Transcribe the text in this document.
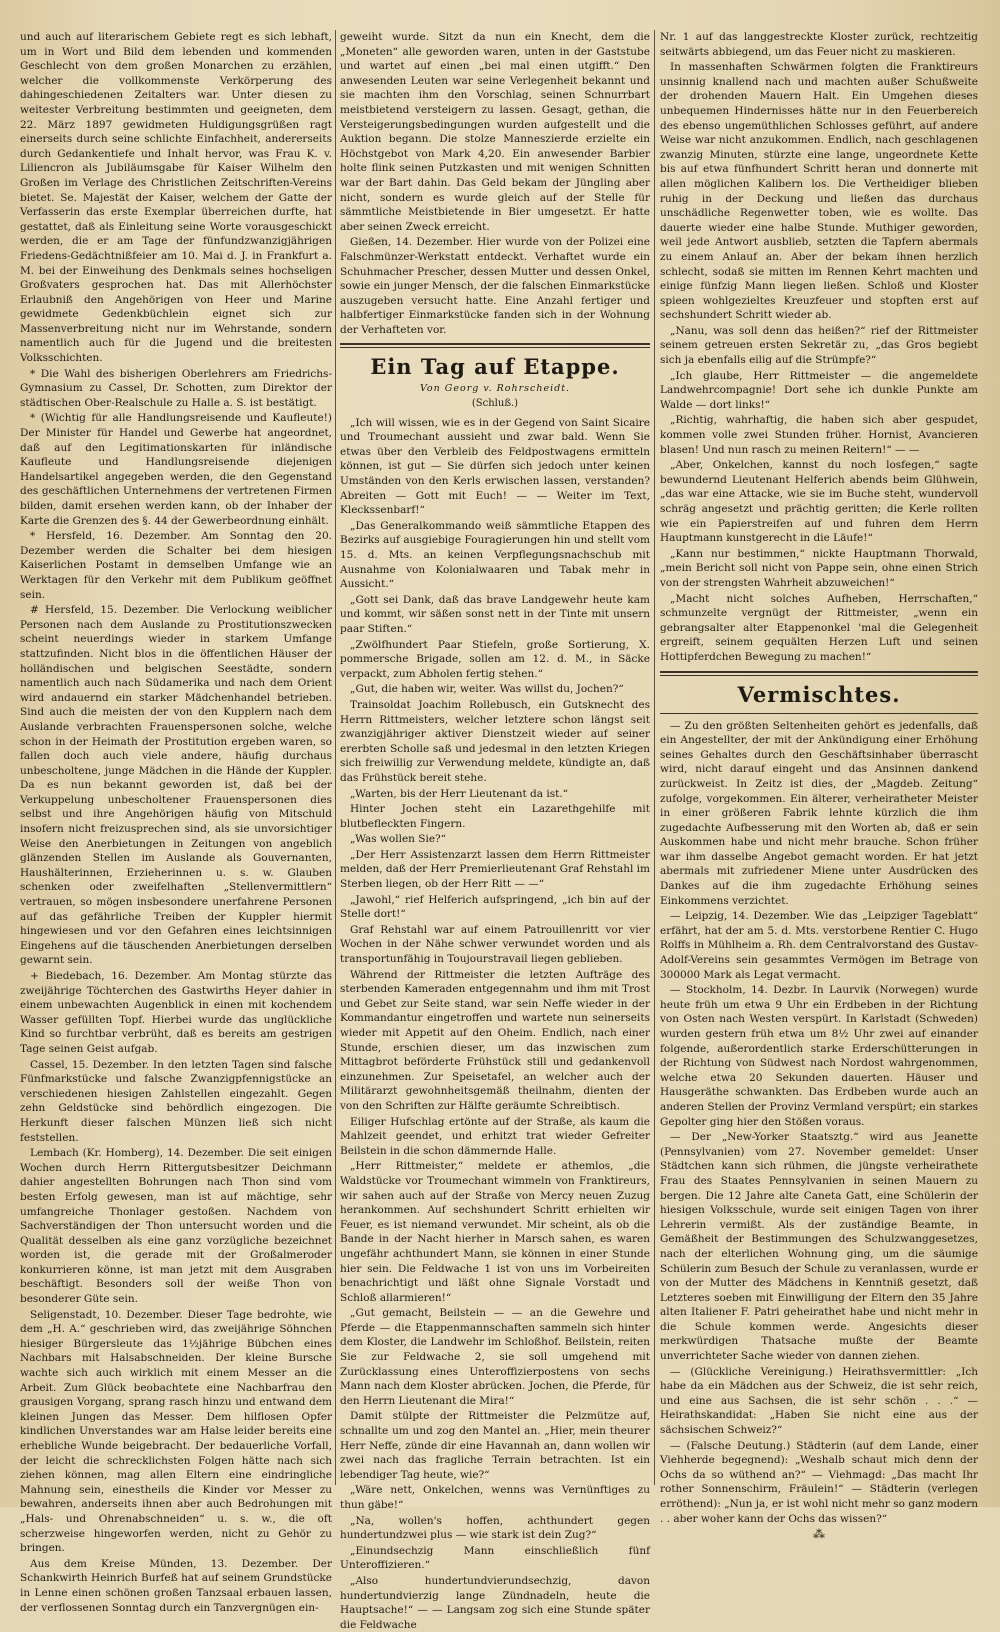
und auch auf literarischem Gebiete regt es sich lebhaft, um in Wort und Bild dem lebenden und kommenden Geschlecht von dem großen Monarchen zu erzählen, welcher die vollkommenste Verkörperung des dahingeschiedenen Zeitalters war. Unter diesen zu weitester Verbreitung bestimmten und geeigneten, dem 22. März 1897 gewidmeten Huldigungsgrüßen ragt einerseits durch seine schlichte Einfachheit, andererseits durch Gedankentiefe und Inhalt hervor, was Frau K. v. Liliencron als Jubiläumsgabe für Kaiser Wilhelm den Großen im Verlage des Christlichen Zeitschriften-Vereins bietet. Se. Majestät der Kaiser, welchem der Gatte der Verfasserin das erste Exemplar überreichen durfte, hat gestattet, daß als Einleitung seine Worte vorausgeschickt werden, die er am Tage der fünfundzwanzigjährigen Friedens-Gedächtnißfeier am 10. Mai d. J. in Frankfurt a. M. bei der Einweihung des Denkmals seines hochseligen Großvaters gesprochen hat. Das mit Allerhöchster Erlaubniß den Angehörigen von Heer und Marine gewidmete Gedenkbüchlein eignet sich zur Massenverbreitung nicht nur im Wehrstande, sondern namentlich auch für die Jugend und die breitesten Volksschichten.

* Die Wahl des bisherigen Oberlehrers am Friedrichs-Gymnasium zu Cassel, Dr. Schotten, zum Direktor der städtischen Ober-Realschule zu Halle a. S. ist bestätigt.

* (Wichtig für alle Handlungsreisende und Kaufleute!) Der Minister für Handel und Gewerbe hat angeordnet, daß auf den Legitimationskarten für inländische Kaufleute und Handlungsreisende diejenigen Handelsartikel angegeben werden, die den Gegenstand des geschäftlichen Unternehmens der vertretenen Firmen bilden, damit ersehen werden kann, ob der Inhaber der Karte die Grenzen des §. 44 der Gewerbeordnung einhält.

* Hersfeld, 16. Dezember. Am Sonntag den 20. Dezember werden die Schalter bei dem hiesigen Kaiserlichen Postamt in demselben Umfange wie an Werktagen für den Verkehr mit dem Publikum geöffnet sein.

# Hersfeld, 15. Dezember. Die Verlockung weiblicher Personen nach dem Auslande zu Prostitutionszwecken scheint neuerdings wieder in starkem Umfange stattzufinden. Nicht blos in die öffentlichen Häuser der holländischen und belgischen Seestädte, sondern namentlich auch nach Südamerika und nach dem Orient wird andauernd ein starker Mädchenhandel betrieben. Sind auch die meisten der von den Kupplern nach dem Auslande verbrachten Frauenspersonen solche, welche schon in der Heimath der Prostitution ergeben waren, so fallen doch auch viele andere, häufig durchaus unbescholtene, junge Mädchen in die Hände der Kuppler. Da es nun bekannt geworden ist, daß bei der Verkuppelung unbescholtener Frauenspersonen dies selbst und ihre Angehörigen häufig von Mitschuld insofern nicht freizusprechen sind, als sie unvorsichtiger Weise den Anerbietungen in Zeitungen von angeblich glänzenden Stellen im Auslande als Gouvernanten, Haushälterinnen, Erzieherinnen u. s. w. Glauben schenken oder zweifelhaften „Stellenvermittlern“ vertrauen, so mögen insbesondere unerfahrene Personen auf das gefährliche Treiben der Kuppler hiermit hingewiesen und vor den Gefahren eines leichtsinnigen Eingehens auf die täuschenden Anerbietungen derselben gewarnt sein.

+ Biedebach, 16. Dezember. Am Montag stürzte das zweijährige Töchterchen des Gastwirths Heyer dahier in einem unbewachten Augenblick in einen mit kochendem Wasser gefüllten Topf. Hierbei wurde das unglückliche Kind so furchtbar verbrüht, daß es bereits am gestrigen Tage seinen Geist aufgab.

Cassel, 15. Dezember. In den letzten Tagen sind falsche Fünfmarkstücke und falsche Zwanzigpfennigstücke an verschiedenen hiesigen Zahlstellen eingezahlt. Gegen zehn Geldstücke sind behördlich eingezogen. Die Herkunft dieser falschen Münzen ließ sich nicht feststellen.

Lembach (Kr. Homberg), 14. Dezember. Die seit einigen Wochen durch Herrn Rittergutsbesitzer Deichmann dahier angestellten Bohrungen nach Thon sind vom besten Erfolg gewesen, man ist auf mächtige, sehr umfangreiche Thonlager gestoßen. Nachdem von Sachverständigen der Thon untersucht worden und die Qualität desselben als eine ganz vorzügliche bezeichnet worden ist, die gerade mit der Großalmeroder konkurrieren könne, ist man jetzt mit dem Ausgraben beschäftigt. Besonders soll der weiße Thon von besonderer Güte sein.

Seligenstadt, 10. Dezember. Dieser Tage bedrohte, wie dem „H. A.“ geschrieben wird, das zweijährige Söhnchen hiesiger Bürgersleute das 1½jährige Bübchen eines Nachbars mit Halsabschneiden. Der kleine Bursche wachte sich auch wirklich mit einem Messer an die Arbeit. Zum Glück beobachtete eine Nachbarfrau den grausigen Vorgang, sprang rasch hinzu und entwand dem kleinen Jungen das Messer. Dem hilflosen Opfer kindlichen Unverstandes war am Halse leider bereits eine erhebliche Wunde beigebracht. Der bedauerliche Vorfall, der leicht die schrecklichsten Folgen hätte nach sich ziehen können, mag allen Eltern eine eindringliche Mahnung sein, einestheils die Kinder vor Messer zu bewahren, anderseits ihnen aber auch Bedrohungen mit „Hals- und Ohrenabschneiden“ u. s. w., die oft scherzweise hingeworfen werden, nicht zu Gehör zu bringen.

Aus dem Kreise Münden, 13. Dezember. Der Schankwirth Heinrich Burfeß hat auf seinem Grundstücke in Lenne einen schönen großen Tanzsaal erbauen lassen, der verflossenen Sonntag durch ein Tanzvergnügen ein-

geweiht wurde. Sitzt da nun ein Knecht, dem die „Moneten“ alle geworden waren, unten in der Gaststube und wartet auf einen „bei mal einen utgifft.“ Den anwesenden Leuten war seine Verlegenheit bekannt und sie machten ihm den Vorschlag, seinen Schnurrbart meistbietend versteigern zu lassen. Gesagt, gethan, die Versteigerungsbedingungen wurden aufgestellt und die Auktion begann. Die stolze Manneszierde erzielte ein Höchstgebot von Mark 4,20. Ein anwesender Barbier holte flink seinen Putzkasten und mit wenigen Schnitten war der Bart dahin. Das Geld bekam der Jüngling aber nicht, sondern es wurde gleich auf der Stelle für sämmtliche Meistbietende in Bier umgesetzt. Er hatte aber seinen Zweck erreicht.

Gießen, 14. Dezember. Hier wurde von der Polizei eine Falschmünzer-Werkstatt entdeckt. Verhaftet wurde ein Schuhmacher Prescher, dessen Mutter und dessen Onkel, sowie ein junger Mensch, der die falschen Einmarkstücke auszugeben versucht hatte. Eine Anzahl fertiger und halbfertiger Einmarkstücke fanden sich in der Wohnung der Verhafteten vor.

Ein Tag auf Etappe.
Von Georg v. Rohrscheidt.
(Schluß.)

„Ich will wissen, wie es in der Gegend von Saint Sicaire und Troumechant aussieht und zwar bald. Wenn Sie etwas über den Verbleib des Feldpostwagens ermitteln können, ist gut — Sie dürfen sich jedoch unter keinen Umständen von den Kerls erwischen lassen, verstanden? Abreiten — Gott mit Euch! — — Weiter im Text, Kleckssenbarf!“

„Das Generalkommando weiß sämmtliche Etappen des Bezirks auf ausgiebige Fouragierungen hin und stellt vom 15. d. Mts. an keinen Verpflegungsnachschub mit Ausnahme von Kolonialwaaren und Tabak mehr in Aussicht.“

„Gott sei Dank, daß das brave Landgewehr heute kam und kommt, wir säßen sonst nett in der Tinte mit unsern paar Stiften.“

„Zwölfhundert Paar Stiefeln, große Sortierung, X. pommersche Brigade, sollen am 12. d. M., in Säcke verpackt, zum Abholen fertig stehen.“

„Gut, die haben wir, weiter. Was willst du, Jochen?“

Trainsoldat Joachim Rollebusch, ein Gutsknecht des Herrn Rittmeisters, welcher letztere schon längst seit zwanzigjähriger aktiver Dienstzeit wieder auf seiner ererbten Scholle saß und jedesmal in den letzten Kriegen sich freiwillig zur Verwendung meldete, kündigte an, daß das Frühstück bereit stehe.

„Warten, bis der Herr Lieutenant da ist.“

Hinter Jochen steht ein Lazarethgehilfe mit blutbefleckten Fingern.

„Was wollen Sie?“

„Der Herr Assistenzarzt lassen dem Herrn Rittmeister melden, daß der Herr Premierlieutenant Graf Rehstahl im Sterben liegen, ob der Herr Ritt — —“

„Jawohl,“ rief Helferich aufspringend, „ich bin auf der Stelle dort!“

Graf Rehstahl war auf einem Patrouillenritt vor vier Wochen in der Nähe schwer verwundet worden und als transportunfähig in Toujourstravail liegen geblieben.

Während der Rittmeister die letzten Aufträge des sterbenden Kameraden entgegennahm und ihm mit Trost und Gebet zur Seite stand, war sein Neffe wieder in der Kommandantur eingetroffen und wartete nun seinerseits wieder mit Appetit auf den Oheim. Endlich, nach einer Stunde, erschien dieser, um das inzwischen zum Mittagbrot beförderte Frühstück still und gedankenvoll einzunehmen. Zur Speisetafel, an welcher auch der Militärarzt gewohnheitsgemäß theilnahm, dienten der von den Schriften zur Hälfte geräumte Schreibtisch.

Eiliger Hufschlag ertönte auf der Straße, als kaum die Mahlzeit geendet, und erhitzt trat wieder Gefreiter Beilstein in die schon dämmernde Halle.

„Herr Rittmeister,“ meldete er athemlos, „die Waldstücke vor Troumechant wimmeln von Franktireurs, wir sahen auch auf der Straße von Mercy neuen Zuzug herankommen. Auf sechshundert Schritt erhielten wir Feuer, es ist niemand verwundet. Mir scheint, als ob die Bande in der Nacht hierher in Marsch sahen, es waren ungefähr achthundert Mann, sie können in einer Stunde hier sein. Die Feldwache 1 ist von uns im Vorbeireiten benachrichtigt und läßt ohne Signale Vorstadt und Schloß allarmieren!“

„Gut gemacht, Beilstein — — an die Gewehre und Pferde — die Etappenmannschaften sammeln sich hinter dem Kloster, die Landwehr im Schloßhof. Beilstein, reiten Sie zur Feldwache 2, sie soll umgehend mit Zurücklassung eines Unteroffizierpostens von sechs Mann nach dem Kloster abrücken. Jochen, die Pferde, für den Herrn Lieutenant die Mira!“

Damit stülpte der Rittmeister die Pelzmütze auf, schnallte um und zog den Mantel an. „Hier, mein theurer Herr Neffe, zünde dir eine Havannah an, dann wollen wir zwei nach das fragliche Terrain betrachten. Ist ein lebendiger Tag heute, wie?“

„Wäre nett, Onkelchen, wenns was Vernünftiges zu thun gäbe!“

„Na, wollen's hoffen, achthundert gegen hundertundzwei plus — wie stark ist dein Zug?“

„Einundsechzig Mann einschließlich fünf Unteroffizieren.“

„Also hundertundvierundsechzig, davon hundertundvierzig lange Zündnadeln, heute die Hauptsache!“ — — Langsam zog sich eine Stunde später die Feldwache

Nr. 1 auf das langgestreckte Kloster zurück, rechtzeitig seitwärts abbiegend, um das Feuer nicht zu maskieren.

In massenhaften Schwärmen folgten die Franktireurs unsinnig knallend nach und machten außer Schußweite der drohenden Mauern Halt. Ein Umgehen dieses unbequemen Hindernisses hätte nur in den Feuerbereich des ebenso ungemüthlichen Schlosses geführt, auf andere Weise war nicht anzukommen. Endlich, nach geschlagenen zwanzig Minuten, stürzte eine lange, ungeordnete Kette bis auf etwa fünfhundert Schritt heran und donnerte mit allen möglichen Kalibern los. Die Vertheidiger blieben ruhig in der Deckung und ließen das durchaus unschädliche Regenwetter toben, wie es wollte. Das dauerte wieder eine halbe Stunde. Muthiger geworden, weil jede Antwort ausblieb, setzten die Tapfern abermals zu einem Anlauf an. Aber der bekam ihnen herzlich schlecht, sodaß sie mitten im Rennen Kehrt machten und einige fünfzig Mann liegen ließen. Schloß und Kloster spieen wohlgezieltes Kreuzfeuer und stopften erst auf sechshundert Schritt wieder ab.

„Nanu, was soll denn das heißen?“ rief der Rittmeister seinem getreuen ersten Sekretär zu, „das Gros begiebt sich ja ebenfalls eilig auf die Strümpfe?“

„Ich glaube, Herr Rittmeister — die angemeldete Landwehrcompagnie! Dort sehe ich dunkle Punkte am Walde — dort links!“

„Richtig, wahrhaftig, die haben sich aber gespudet, kommen volle zwei Stunden früher. Hornist, Avancieren blasen! Und nun rasch zu meinen Reitern!“ — —

„Aber, Onkelchen, kannst du noch losfegen,“ sagte bewundernd Lieutenant Helferich abends beim Glühwein, „das war eine Attacke, wie sie im Buche steht, wundervoll schräg angesetzt und prächtig geritten; die Kerle rollten wie ein Papierstreifen auf und fuhren dem Herrn Hauptmann kunstgerecht in die Läufe!“

„Kann nur bestimmen,“ nickte Hauptmann Thorwald, „mein Bericht soll nicht von Pappe sein, ohne einen Strich von der strengsten Wahrheit abzuweichen!“

„Macht nicht solches Aufheben, Herrschaften,“ schmunzelte vergnügt der Rittmeister, „wenn ein gebrangsalter alter Etappenonkel 'mal die Gelegenheit ergreift, seinem gequälten Herzen Luft und seinen Hottipferdchen Bewegung zu machen!“

Vermischtes.

— Zu den größten Seltenheiten gehört es jedenfalls, daß ein Angestellter, der mit der Ankündigung einer Erhöhung seines Gehaltes durch den Geschäftsinhaber überrascht wird, nicht darauf eingeht und das Ansinnen dankend zurückweist. In Zeitz ist dies, der „Magdeb. Zeitung“ zufolge, vorgekommen. Ein älterer, verheiratheter Meister in einer größeren Fabrik lehnte kürzlich die ihm zugedachte Aufbesserung mit den Worten ab, daß er sein Auskommen habe und nicht mehr brauche. Schon früher war ihm dasselbe Angebot gemacht worden. Er hat jetzt abermals mit zufriedener Miene unter Ausdrücken des Dankes auf die ihm zugedachte Erhöhung seines Einkommens verzichtet.

— Leipzig, 14. Dezember. Wie das „Leipziger Tageblatt“ erfährt, hat der am 5. d. Mts. verstorbene Rentier C. Hugo Rolffs in Mühlheim a. Rh. dem Centralvorstand des Gustav-Adolf-Vereins sein gesammtes Vermögen im Betrage von 300000 Mark als Legat vermacht.

— Stockholm, 14. Dezbr. In Laurvik (Norwegen) wurde heute früh um etwa 9 Uhr ein Erdbeben in der Richtung von Osten nach Westen verspürt. In Karlstadt (Schweden) wurden gestern früh etwa um 8½ Uhr zwei auf einander folgende, außerordentlich starke Erderschütterungen in der Richtung von Südwest nach Nordost wahrgenommen, welche etwa 20 Sekunden dauerten. Häuser und Hausgeräthe schwankten. Das Erdbeben wurde auch an anderen Stellen der Provinz Vermland verspürt; ein starkes Gepolter ging hier den Stößen voraus.

— Der „New-Yorker Staatsztg.“ wird aus Jeanette (Pennsylvanien) vom 27. November gemeldet: Unser Städtchen kann sich rühmen, die jüngste verheirathete Frau des Staates Pennsylvanien in seinen Mauern zu bergen. Die 12 Jahre alte Caneta Gatt, eine Schülerin der hiesigen Volksschule, wurde seit einigen Tagen von ihrer Lehrerin vermißt. Als der zuständige Beamte, in Gemäßheit der Bestimmungen des Schulzwanggesetzes, nach der elterlichen Wohnung ging, um die säumige Schülerin zum Besuch der Schule zu veranlassen, wurde er von der Mutter des Mädchens in Kenntniß gesetzt, daß Letzteres soeben mit Einwilligung der Eltern den 35 Jahre alten Italiener F. Patri geheirathet habe und nicht mehr in die Schule kommen werde. Angesichts dieser merkwürdigen Thatsache mußte der Beamte unverrichteter Sache wieder von dannen ziehen.

— (Glückliche Vereinigung.) Heirathsvermittler: „Ich habe da ein Mädchen aus der Schweiz, die ist sehr reich, und eine aus Sachsen, die ist sehr schön . . .“ — Heirathskandidat: „Haben Sie nicht eine aus der sächsischen Schweiz?“

— (Falsche Deutung.) Städterin (auf dem Lande, einer Viehherde begegnend): „Weshalb schaut mich denn der Ochs da so wüthend an?“ — Viehmagd: „Das macht Ihr rother Sonnenschirm, Fräulein!“ — Städterin (verlegen erröthend): „Nun ja, er ist wohl nicht mehr so ganz modern . . aber woher kann der Ochs das wissen?“

⁂
